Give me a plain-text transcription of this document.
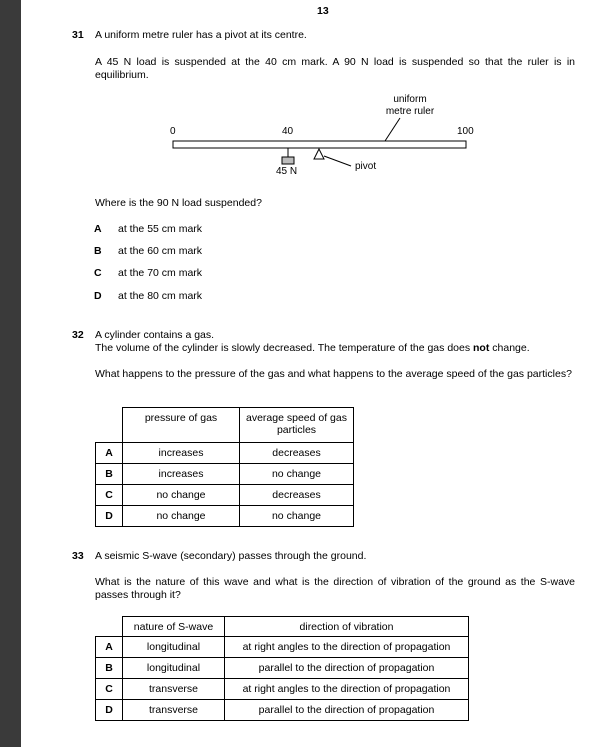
13
31 A uniform metre ruler has a pivot at its centre.
A 45 N load is suspended at the 40 cm mark. A 90 N load is suspended so that the ruler is in equilibrium.
uniform
metre ruler
0	40	100
45 N	pivot
Where is the 90 N load suspended?
A at the 55 cm mark
B at the 60 cm mark
C at the 70 cm mark
D at the 80 cm mark
32 A cylinder contains a gas.
The volume of the cylinder is slowly decreased. The temperature of the gas does not change.
What happens to the pressure of the gas and what happens to the average speed of the gas particles?
	pressure of gas	average speed of gas particles
A	increases	decreases
B	increases	no change
C	no change	decreases
D	no change	no change
33 A seismic S-wave (secondary) passes through the ground.
What is the nature of this wave and what is the direction of vibration of the ground as the S-wave passes through it?
	nature of S-wave	direction of vibration
A	longitudinal	at right angles to the direction of propagation
B	longitudinal	parallel to the direction of propagation
C	transverse	at right angles to the direction of propagation
D	transverse	parallel to the direction of propagation
